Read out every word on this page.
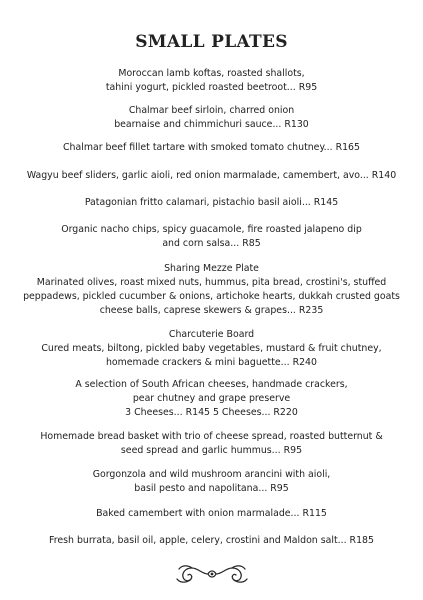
SMALL PLATES
Moroccan lamb koftas, roasted shallots,
tahini yogurt, pickled roasted beetroot... R95
Chalmar beef sirloin, charred onion
bearnaise and chimmichuri sauce... R130
Chalmar beef fillet tartare with smoked tomato chutney... R165
Wagyu beef sliders, garlic aioli, red onion marmalade, camembert, avo... R140
Patagonian fritto calamari, pistachio basil aioli... R145
Organic nacho chips, spicy guacamole, fire roasted jalapeno dip
and corn salsa... R85
Sharing Mezze Plate
Marinated olives, roast mixed nuts, hummus, pita bread, crostini's, stuffed
peppadews, pickled cucumber & onions, artichoke hearts, dukkah crusted goats
cheese balls, caprese skewers & grapes... R235
Charcuterie Board
Cured meats, biltong, pickled baby vegetables, mustard & fruit chutney,
homemade crackers & mini baguette... R240
A selection of South African cheeses, handmade crackers,
pear chutney and grape preserve
3 Cheeses... R145 5 Cheeses... R220
Homemade bread basket with trio of cheese spread, roasted butternut &
seed spread and garlic hummus... R95
Gorgonzola and wild mushroom arancini with aioli,
basil pesto and napolitana... R95
Baked camembert with onion marmalade... R115
Fresh burrata, basil oil, apple, celery, crostini and Maldon salt... R185
